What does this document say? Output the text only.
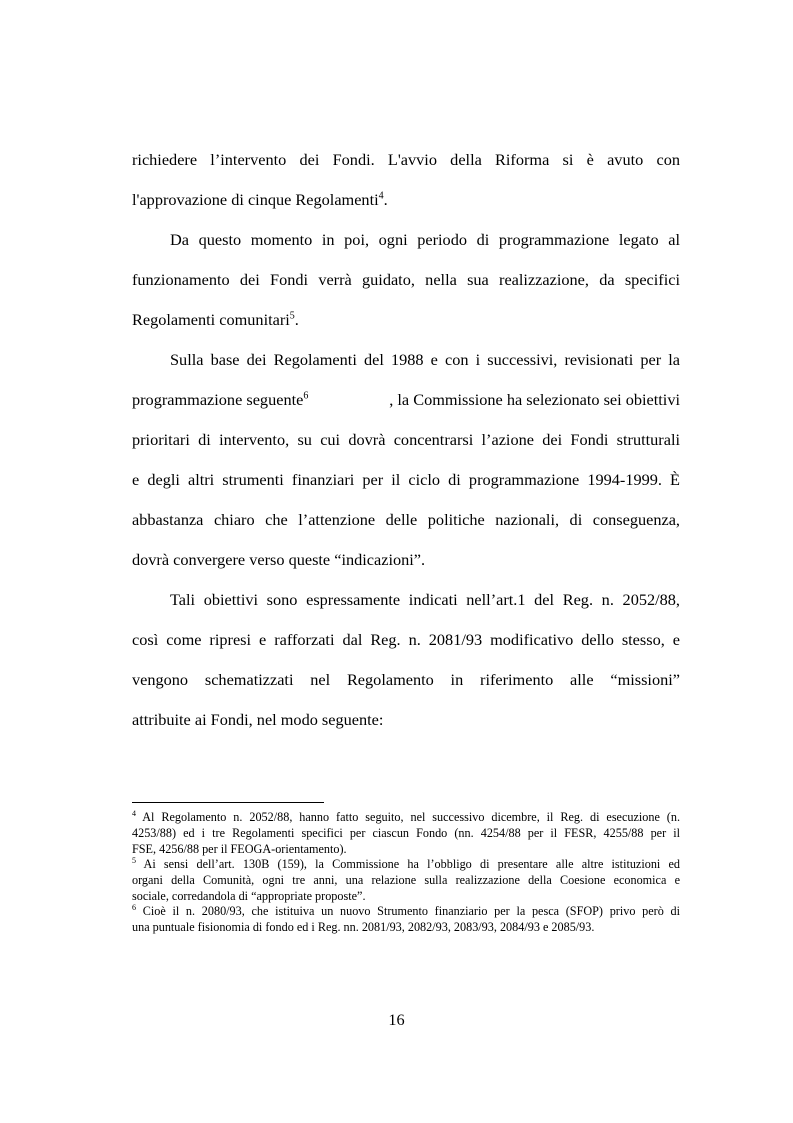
richiedere l’intervento dei Fondi. L'avvio della Riforma si è avuto con
l'approvazione di cinque Regolamenti$^4$.
Da questo momento in poi, ogni periodo di programmazione legato al
funzionamento dei Fondi verrà guidato, nella sua realizzazione, da specifici
Regolamenti comunitari$^5$.
Sulla base dei Regolamenti del 1988 e con i successivi, revisionati per la
programmazione seguente$^6$	, la Commissione ha selezionato sei obiettivi
prioritari di intervento, su cui dovrà concentrarsi l’azione dei Fondi strutturali
e degli altri strumenti finanziari per il ciclo di programmazione 1994-1999. È
abbastanza chiaro che l’attenzione delle politiche nazionali, di conseguenza,
dovrà convergere verso queste “indicazioni”.
Tali obiettivi sono espressamente indicati nell’art.1 del Reg. n. 2052/88,
così come ripresi e rafforzati dal Reg. n. 2081/93 modificativo dello stesso, e
vengono schematizzati nel Regolamento in riferimento alle “missioni”
attribuite ai Fondi, nel modo seguente:
$^4$ Al Regolamento n. 2052/88, hanno fatto seguito, nel successivo dicembre, il Reg. di esecuzione (n.
4253/88) ed i tre Regolamenti specifici per ciascun Fondo (nn. 4254/88 per il FESR, 4255/88 per il
FSE, 4256/88 per il FEOGA-orientamento).
$^5$ Ai sensi dell’art. 130B (159), la Commissione ha l’obbligo di presentare alle altre istituzioni ed
organi della Comunità, ogni tre anni, una relazione sulla realizzazione della Coesione economica e
sociale, corredandola di “appropriate proposte”.
$^6$ Cioè il n. 2080/93, che istituiva un nuovo Strumento finanziario per la pesca (SFOP) privo però di
una puntuale fisionomia di fondo ed i Reg. nn. 2081/93, 2082/93, 2083/93, 2084/93 e 2085/93.
16
